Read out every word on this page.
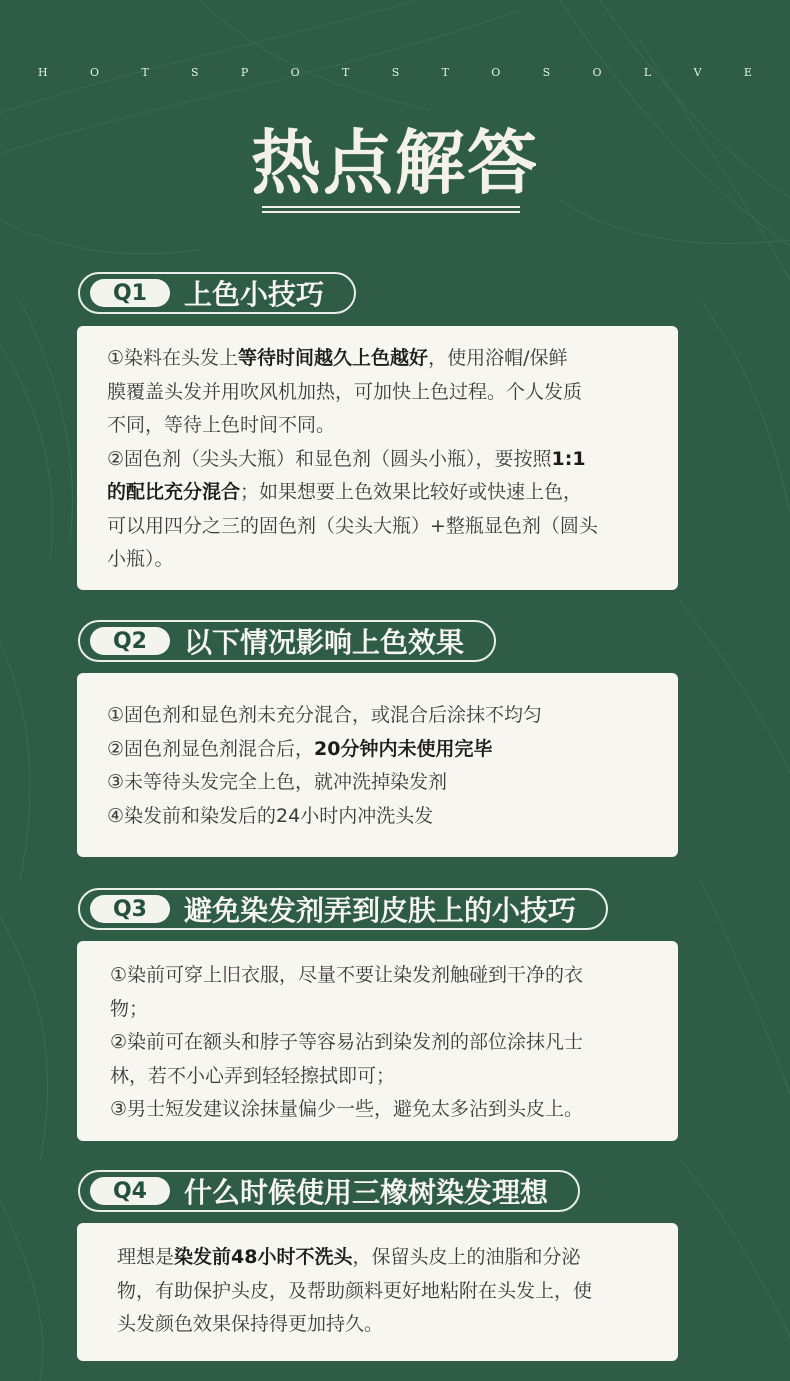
H	O	T	S	P	O	T	S	T	O	S	O	L	V	E
热点解答
Q1	上色小技巧

①染料在头发上等待时间越久上色越好，使用浴帽/保鲜

膜覆盖头发并用吹风机加热，可加快上色过程。个人发质

不同，等待上色时间不同。

②固色剂（尖头大瓶）和显色剂（圆头小瓶），要按照1:1

的配比充分混合；如果想要上色效果比较好或快速上色，

可以用四分之三的固色剂（尖头大瓶）+整瓶显色剂（圆头

小瓶）。

Q2	以下情况影响上色效果

①固色剂和显色剂未充分混合，或混合后涂抹不均匀

②固色剂显色剂混合后，20分钟内未使用完毕

③未等待头发完全上色，就冲洗掉染发剂

④染发前和染发后的24小时内冲洗头发

Q3	避免染发剂弄到皮肤上的小技巧

①染前可穿上旧衣服，尽量不要让染发剂触碰到干净的衣

物；

②染前可在额头和脖子等容易沾到染发剂的部位涂抹凡士

林，若不小心弄到轻轻擦拭即可；

③男士短发建议涂抹量偏少一些，避免太多沾到头皮上。

Q4	什么时候使用三橡树染发理想

理想是染发前48小时不洗头，保留头皮上的油脂和分泌

物，有助保护头皮，及帮助颜料更好地粘附在头发上，使

头发颜色效果保持得更加持久。
